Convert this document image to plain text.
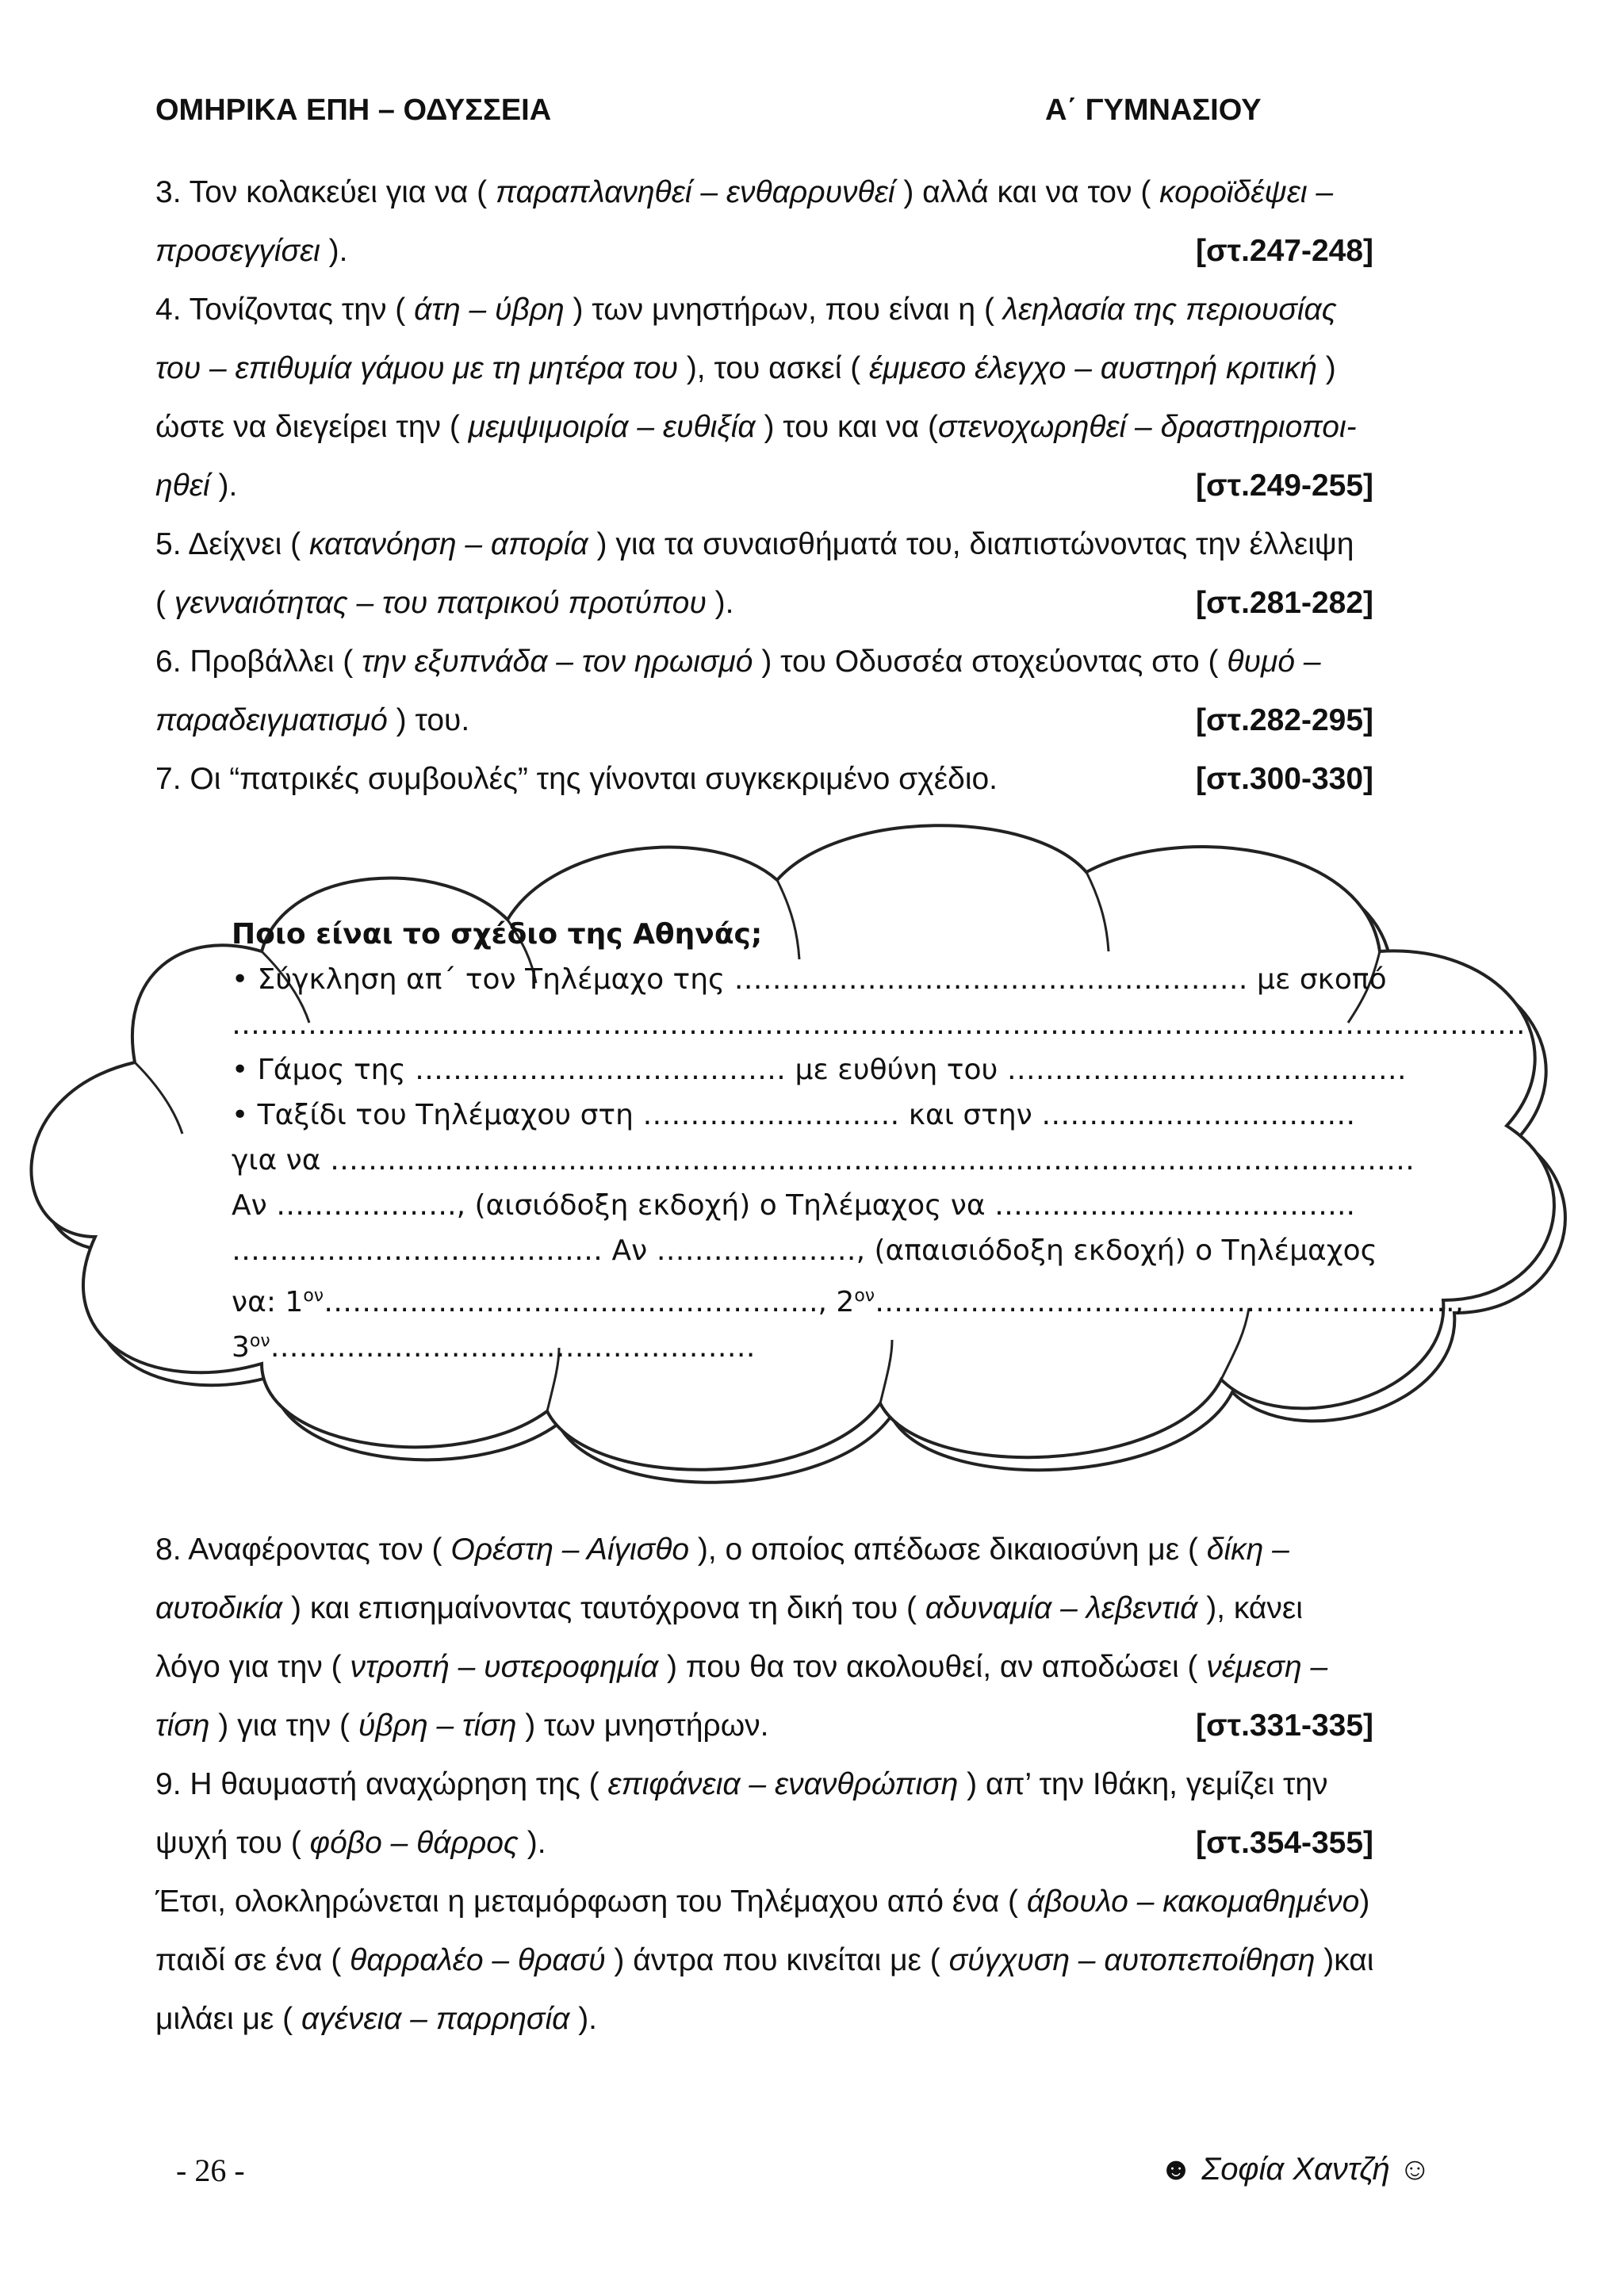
ΟΜΗΡΙΚΑ ΕΠΗ – ΟΔΥΣΣΕΙΑ	Α΄ ΓΥΜΝΑΣΙΟΥ
3. Τον κολακεύει για να ( παραπλανηθεί – ενθαρρυνθεί ) αλλά και να τον ( κοροϊδέψει –
προσεγγίσει ).	[στ.247-248]
4. Τονίζοντας την ( άτη – ύβρη ) των μνηστήρων, που είναι η ( λεηλασία της περιουσίας
του – επιθυμία γάμου με τη μητέρα του ), του ασκεί ( έμμεσο έλεγχο – αυστηρή κριτική )
ώστε να διεγείρει την ( μεμψιμοιρία – ευθιξία ) του και να (στενοχωρηθεί – δραστηριοποι-
ηθεί ).	[στ.249-255]
5. Δείχνει ( κατανόηση – απορία ) για τα συναισθήματά του, διαπιστώνοντας την έλλειψη
( γενναιότητας – του πατρικού προτύπου ).	[στ.281-282]
6. Προβάλλει ( την εξυπνάδα – τον ηρωισμό ) του Οδυσσέα στοχεύοντας στο ( θυμό –
παραδειγματισμό ) του.	[στ.282-295]
7. Οι “πατρικές συμβουλές” της γίνονται συγκεκριμένο σχέδιο.	[στ.300-330]
Ποιο είναι το σχέδιο της Αθηνάς;
• Σύγκληση απ΄ τον Τηλέμαχο της ……………………………………………… με σκοπό
……………………………………………………………………………………………………………………….
• Γάμος της ………………………………… με ευθύνη του ……………………………………
• Ταξίδι του Τηλέμαχου στη ……………………… και στην ……………………………
για να ……………………………………………………………………………………………………
Αν ………………., (αισιόδοξη εκδοχή) ο Τηλέμαχος να ………………………………..
………………………………… Αν …………………, (απαισιόδοξη εκδοχή) ο Τηλέμαχος
να: $1^{o\nu}\dots\dots\dots\dots\dots\dots\dots\dots\dots\dots\dots\dots\dots\dots\dots\dots\dots$., $2^{o\nu}\dots\dots\dots\dots\dots\dots\dots\dots\dots\dots\dots\dots\dots\dots\dots\dots\dots\dots\dots\dots$.,
$3^{o\nu}\dots\dots\dots\dots\dots\dots\dots\dots\dots\dots\dots\dots\dots\dots\dots\dots\dots$
8. Αναφέροντας τον ( Ορέστη – Αίγισθο ), ο οποίος απέδωσε δικαιοσύνη με ( δίκη –
αυτοδικία ) και επισημαίνοντας ταυτόχρονα τη δική του ( αδυναμία – λεβεντιά ), κάνει
λόγο για την ( ντροπή – υστεροφημία ) που θα τον ακολουθεί, αν αποδώσει ( νέμεση –
τίση ) για την ( ύβρη – τίση ) των μνηστήρων.	[στ.331-335]
9. Η θαυμαστή αναχώρηση της ( επιφάνεια – ενανθρώπιση ) απ’ την Ιθάκη, γεμίζει την
ψυχή του ( φόβο – θάρρος ).	[στ.354-355]
Έτσι, ολοκληρώνεται η μεταμόρφωση του Τηλέμαχου από ένα ( άβουλο – κακομαθημένο)
παιδί σε ένα ( θαρραλέο – θρασύ ) άντρα που κινείται με ( σύγχυση – αυτοπεποίθηση )και
μιλάει με ( αγένεια – παρρησία ).
- 26 -	☻ Σοφία Χαντζή ☺
